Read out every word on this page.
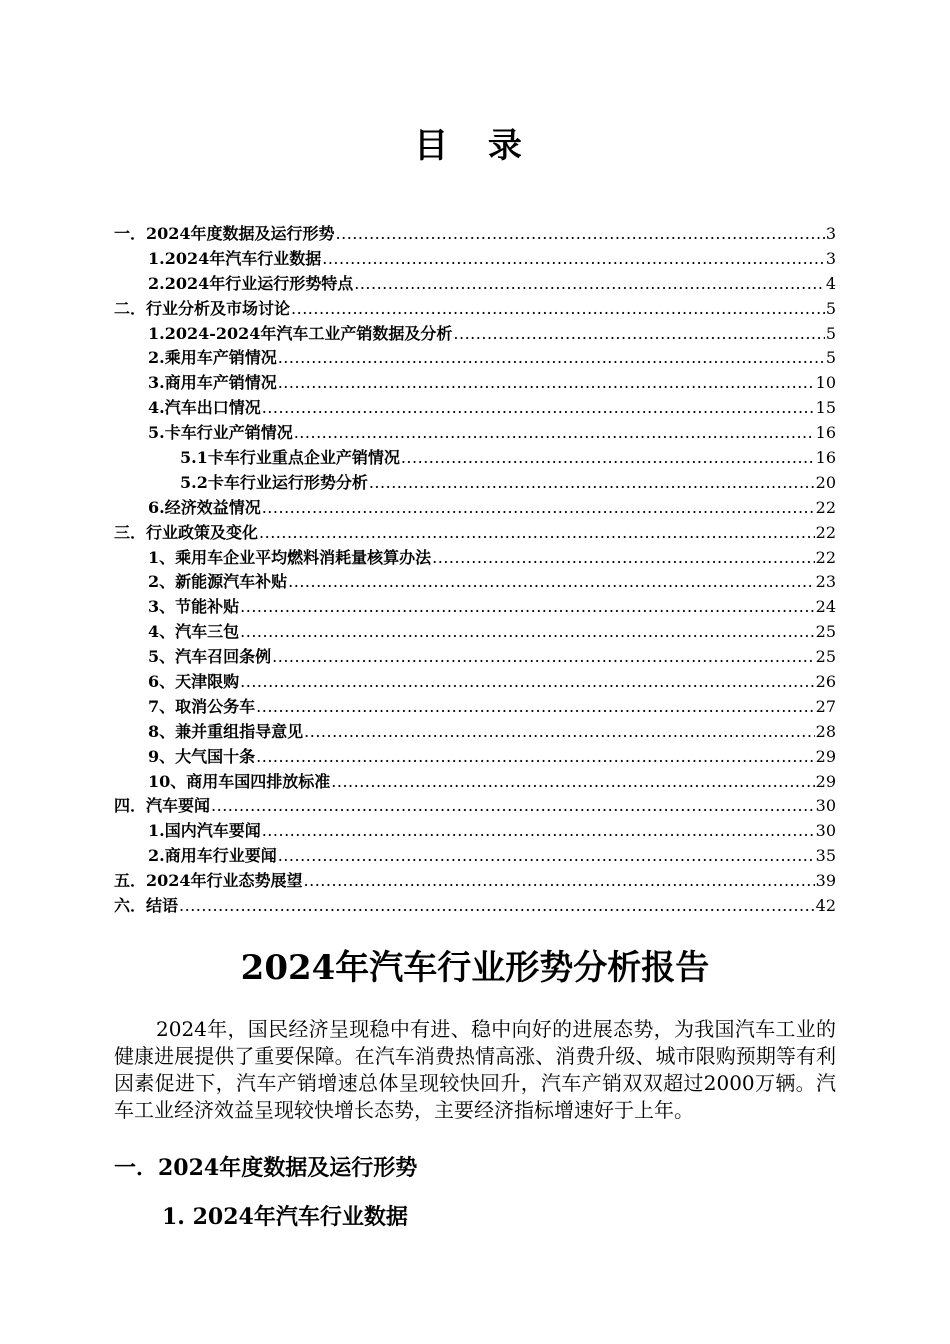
目 录
一．2024年度数据及运行形势 .....	3
1.2024年汽车行业数据 .....	3
2.2024年行业运行形势特点 .....	4
二．行业分析及市场讨论 .....	5
1.2024-2024年汽车工业产销数据及分析 .....	5
2.乘用车产销情况 .....	5
3.商用车产销情况 .....	10
4.汽车出口情况 .....	15
5.卡车行业产销情况 .....	16
5.1卡车行业重点企业产销情况 .....	16
5.2卡车行业运行形势分析 .....	20
6.经济效益情况 .....	22
三．行业政策及变化 .....	22
1、乘用车企业平均燃料消耗量核算办法 .....	22
2、新能源汽车补贴 .....	23
3、节能补贴 .....	24
4、汽车三包 .....	25
5、汽车召回条例 .....	25
6、天津限购 .....	26
7、取消公务车 .....	27
8、兼并重组指导意见 .....	28
9、大气国十条 .....	29
10、商用车国四排放标准 .....	29
四．汽车要闻 .....	30
1.国内汽车要闻 .....	30
2.商用车行业要闻 .....	35
五．2024年行业态势展望 .....	39
六．结语 .....	42
2024年汽车行业形势分析报告

2024年，国民经济呈现稳中有进、稳中向好的进展态势，为我国汽车工业的健康进展提供了重要保障。在汽车消费热情高涨、消费升级、城市限购预期等有利因素促进下，汽车产销增速总体呈现较快回升，汽车产销双双超过2000万辆。汽车工业经济效益呈现较快增长态势，主要经济指标增速好于上年。

一．2024年度数据及运行形势
1. 2024年汽车行业数据
